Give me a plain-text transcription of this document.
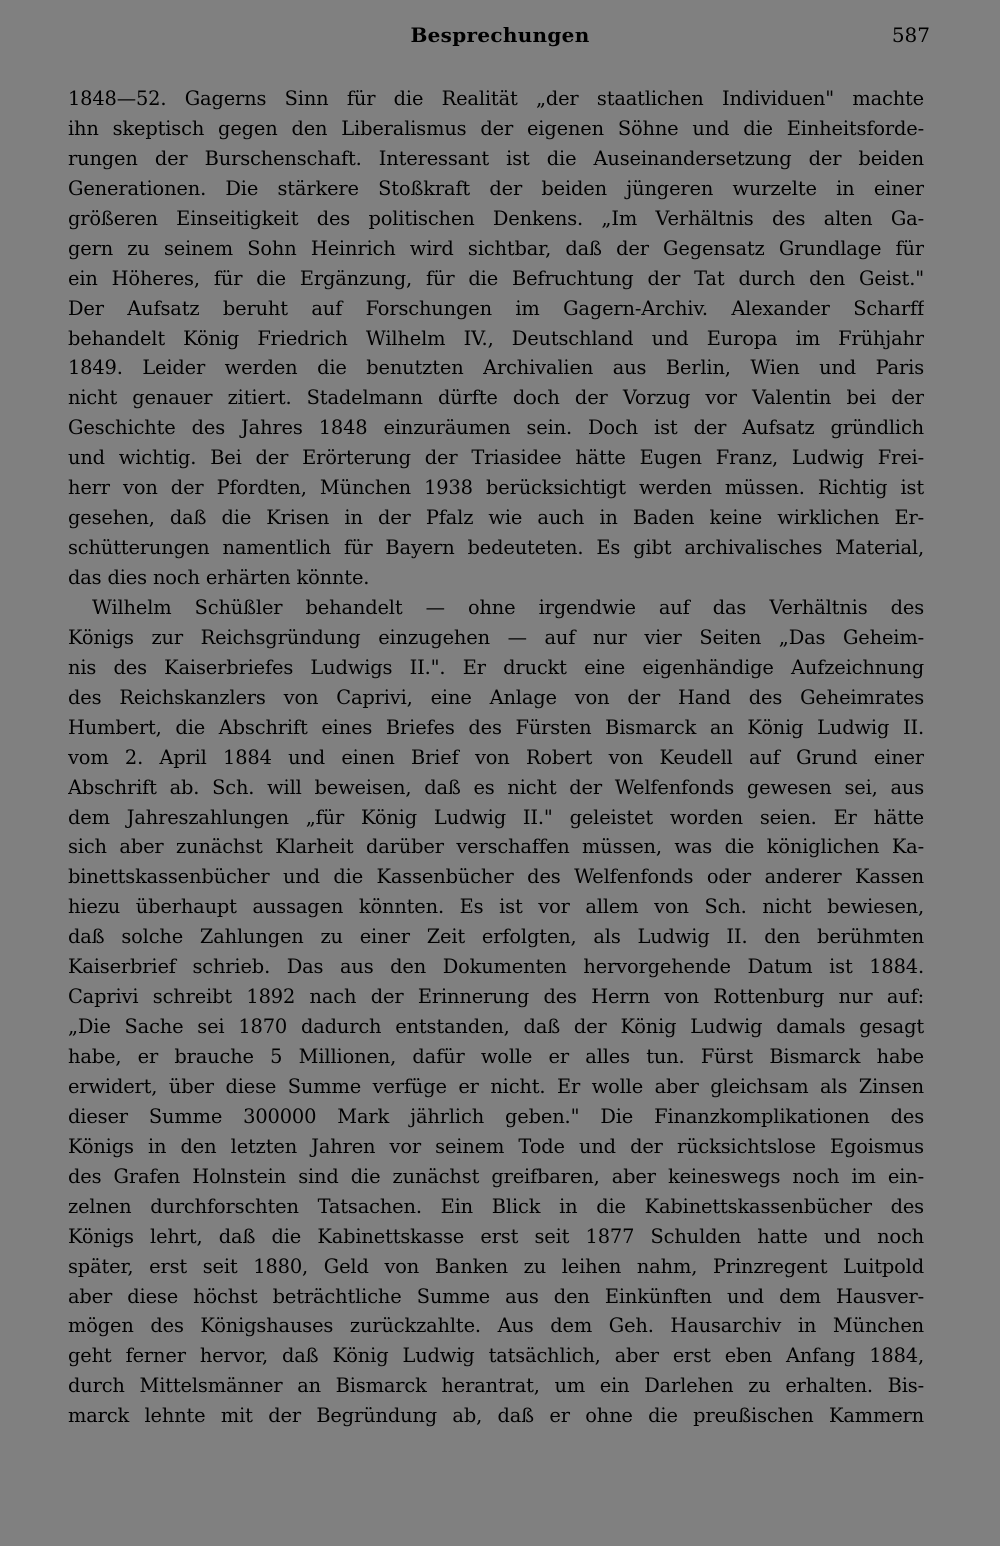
Besprechungen	587
1848—52. Gagerns Sinn für die Realität „der staatlichen Individuen" machte
ihn skeptisch gegen den Liberalismus der eigenen Söhne und die Einheitsforde-
rungen der Burschenschaft. Interessant ist die Auseinandersetzung der beiden
Generationen. Die stärkere Stoßkraft der beiden jüngeren wurzelte in einer
größeren Einseitigkeit des politischen Denkens. „Im Verhältnis des alten Ga-
gern zu seinem Sohn Heinrich wird sichtbar, daß der Gegensatz Grundlage für
ein Höheres, für die Ergänzung, für die Befruchtung der Tat durch den Geist."
Der Aufsatz beruht auf Forschungen im Gagern-Archiv. Alexander Scharff
behandelt König Friedrich Wilhelm IV., Deutschland und Europa im Frühjahr
1849. Leider werden die benutzten Archivalien aus Berlin, Wien und Paris
nicht genauer zitiert. Stadelmann dürfte doch der Vorzug vor Valentin bei der
Geschichte des Jahres 1848 einzuräumen sein. Doch ist der Aufsatz gründlich
und wichtig. Bei der Erörterung der Triasidee hätte Eugen Franz, Ludwig Frei-
herr von der Pfordten, München 1938 berücksichtigt werden müssen. Richtig ist
gesehen, daß die Krisen in der Pfalz wie auch in Baden keine wirklichen Er-
schütterungen namentlich für Bayern bedeuteten. Es gibt archivalisches Material,
das dies noch erhärten könnte.
Wilhelm Schüßler behandelt — ohne irgendwie auf das Verhältnis des
Königs zur Reichsgründung einzugehen — auf nur vier Seiten „Das Geheim-
nis des Kaiserbriefes Ludwigs II.". Er druckt eine eigenhändige Aufzeichnung
des Reichskanzlers von Caprivi, eine Anlage von der Hand des Geheimrates
Humbert, die Abschrift eines Briefes des Fürsten Bismarck an König Ludwig II.
vom 2. April 1884 und einen Brief von Robert von Keudell auf Grund einer
Abschrift ab. Sch. will beweisen, daß es nicht der Welfenfonds gewesen sei, aus
dem Jahreszahlungen „für König Ludwig II." geleistet worden seien. Er hätte
sich aber zunächst Klarheit darüber verschaffen müssen, was die königlichen Ka-
binettskassenbücher und die Kassenbücher des Welfenfonds oder anderer Kassen
hiezu überhaupt aussagen könnten. Es ist vor allem von Sch. nicht bewiesen,
daß solche Zahlungen zu einer Zeit erfolgten, als Ludwig II. den berühmten
Kaiserbrief schrieb. Das aus den Dokumenten hervorgehende Datum ist 1884.
Caprivi schreibt 1892 nach der Erinnerung des Herrn von Rottenburg nur auf:
„Die Sache sei 1870 dadurch entstanden, daß der König Ludwig damals gesagt
habe, er brauche 5 Millionen, dafür wolle er alles tun. Fürst Bismarck habe
erwidert, über diese Summe verfüge er nicht. Er wolle aber gleichsam als Zinsen
dieser Summe 300000 Mark jährlich geben." Die Finanzkomplikationen des
Königs in den letzten Jahren vor seinem Tode und der rücksichtslose Egoismus
des Grafen Holnstein sind die zunächst greifbaren, aber keineswegs noch im ein-
zelnen durchforschten Tatsachen. Ein Blick in die Kabinettskassenbücher des
Königs lehrt, daß die Kabinettskasse erst seit 1877 Schulden hatte und noch
später, erst seit 1880, Geld von Banken zu leihen nahm, Prinzregent Luitpold
aber diese höchst beträchtliche Summe aus den Einkünften und dem Hausver-
mögen des Königshauses zurückzahlte. Aus dem Geh. Hausarchiv in München
geht ferner hervor, daß König Ludwig tatsächlich, aber erst eben Anfang 1884,
durch Mittelsmänner an Bismarck herantrat, um ein Darlehen zu erhalten. Bis-
marck lehnte mit der Begründung ab, daß er ohne die preußischen Kammern
